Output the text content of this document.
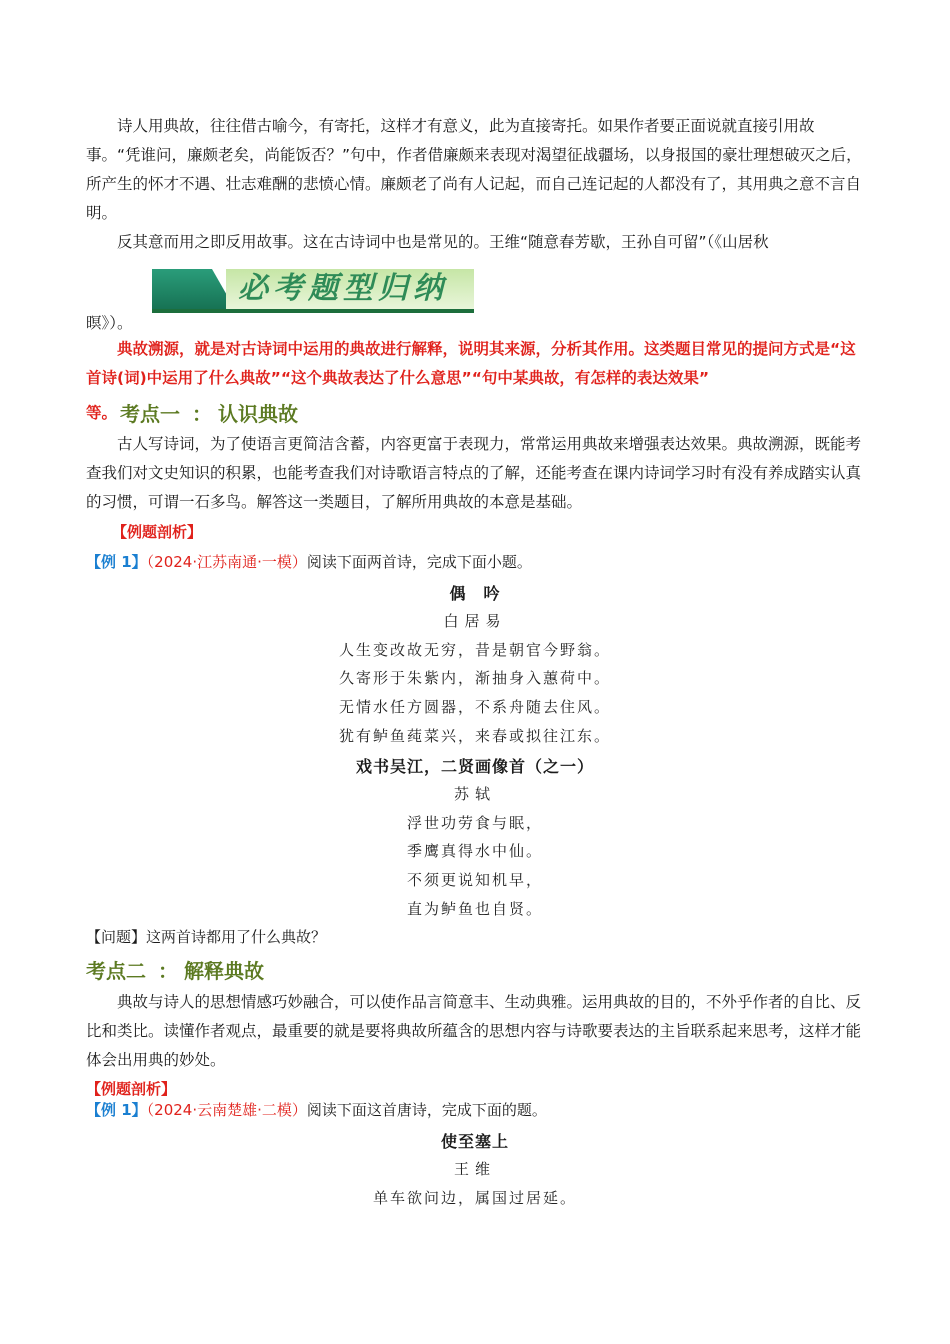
诗人用典故，往往借古喻今，有寄托，这样才有意义，此为直接寄托。如果作者要正面说就直接引用故事。“凭谁问，廉颇老矣，尚能饭否？”句中，作者借廉颇来表现对渴望征战疆场，以身报国的豪壮理想破灭之后，所产生的怀才不遇、壮志难酬的悲愤心情。廉颇老了尚有人记起，而自己连记起的人都没有了，其用典之意不言自明。

反其意而用之即反用故事。这在古诗词中也是常见的。王维“随意春芳歇，王孙自可留”（《山居秋

暝》）。

必考题型归纳

典故溯源，就是对古诗词中运用的典故进行解释，说明其来源，分析其作用。这类题目常见的提问方式是“这首诗(词)中运用了什么典故”“这个典故表达了什么意思”“句中某典故，有怎样的表达效果”

等。 考点一 ： 认识典故

古人写诗词，为了使语言更简洁含蓄，内容更富于表现力，常常运用典故来增强表达效果。典故溯源，既能考查我们对文史知识的积累，也能考查我们对诗歌语言特点的了解，还能考查在课内诗词学习时有没有养成踏实认真的习惯，可谓一石多鸟。解答这一类题目，了解所用典故的本意是基础。

【例题剖析】

【例 1】（2024·江苏南通·一模）阅读下面两首诗，完成下面小题。

偶　吟

白居易

人生变改故无穷，昔是朝官今野翁。

久寄形于朱紫内，渐抽身入蕙荷中。

无情水任方圆器，不系舟随去住风。

犹有鲈鱼莼菜兴，来春或拟往江东。

戏书吴江，二贤画像首（之一）

苏轼

浮世功劳食与眠，

季鹰真得水中仙。

不须更说知机早，

直为鲈鱼也自贤。

【问题】这两首诗都用了什么典故？

考点二 ： 解释典故

典故与诗人的思想情感巧妙融合，可以使作品言简意丰、生动典雅。运用典故的目的，不外乎作者的自比、反比和类比。读懂作者观点，最重要的就是要将典故所蕴含的思想内容与诗歌要表达的主旨联系起来思考，这样才能体会出用典的妙处。

【例题剖析】

【例 1】（2024·云南楚雄·二模）阅读下面这首唐诗，完成下面的题。

使至塞上

王维

单车欲问边，属国过居延。
